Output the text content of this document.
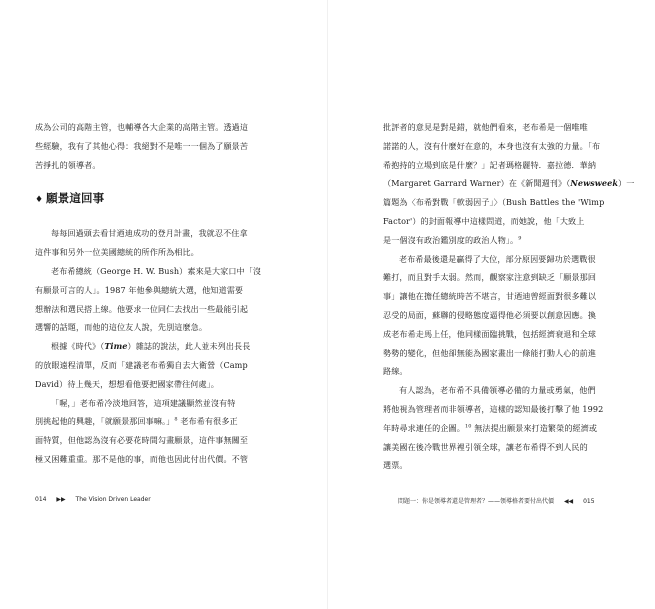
成為公司的高階主管，也輔導各大企業的高階主管。透過這
些經驗，我有了其他心得：我絕對不是唯一一個為了願景苦
苦掙扎的領導者。

♦ 願景這回事

每每回過頭去看甘迺迪成功的登月計畫，我就忍不住拿
這件事和另外一位美國總統的所作所為相比。

老布希總統（George H. W. Bush）素來是大家口中「沒
有願景可言的人」。1987 年他參與總統大選，他知道需要
想辦法和選民搭上線。他要求一位同仁去找出一些最能引起
選響的話題，而他的這位友人說，先別這麼急。

根據《時代》（Time）雜誌的說法，此人並未列出長長
的放眼遠程清單，反而「建議老布希獨自去大衛營（Camp
David）待上幾天，想想看他要把國家帶往何處」。

「喔，」老布希冷淡地回答，這項建議顯然並沒有特
別挑起他的興趣，「就願景那回事嘛。」$^8$ 老布希有很多正
面特質，但他認為沒有必要花時間勾畫願景，這件事無關至
極又困難重重。那不是他的事，而他也因此付出代價。不管

014 ▶▶ The Vision Driven Leader

批評者的意見是對是錯，就他們看來，老布希是一個唯唯
諾諾的人，沒有什麼好在意的，本身也沒有太強的力量。「布
希抱持的立場到底是什麼？」記者瑪格麗特．嘉拉德．華納
（Margaret Garrard Warner）在《新聞週刊》（Newsweek）一
篇題為〈布希對戰「軟弱因子」〉（Bush Battles the 'Wimp
Factor'）的封面報導中這樣問道，而她說，他「大致上
是一個沒有政治鑑別度的政治人物」。$^9$

老布希最後還是贏得了大位，部分原因要歸功於選戰很
難打，而且對手太弱。然而，觀察家注意到缺乏「願景那回
事」讓他在擔任總統時苦不堪言，甘迺迪曾經面對很多難以
忍受的局面，蘇聯的侵略態度逼得他必須要以創意因應。換
成老布希走馬上任，他同樣面臨挑戰，包括經濟衰退和全球
勢勢的變化，但他卻無能為國家畫出一條能打動人心的前進
路線。

有人認為，老布希不具備領導必備的力量或勇氣，他們
將他視為管理者而非領導者，這樣的認知最後打擊了他 1992
年時尋求連任的企圖。$^{10}$ 無法提出願景來打造繁榮的經濟或
讓美國在後冷戰世界裡引領全球，讓老布希得不到人民的
選票。

問題一：你是領導者還是管理者？——領導格者要付出代價 ◀◀ 015
